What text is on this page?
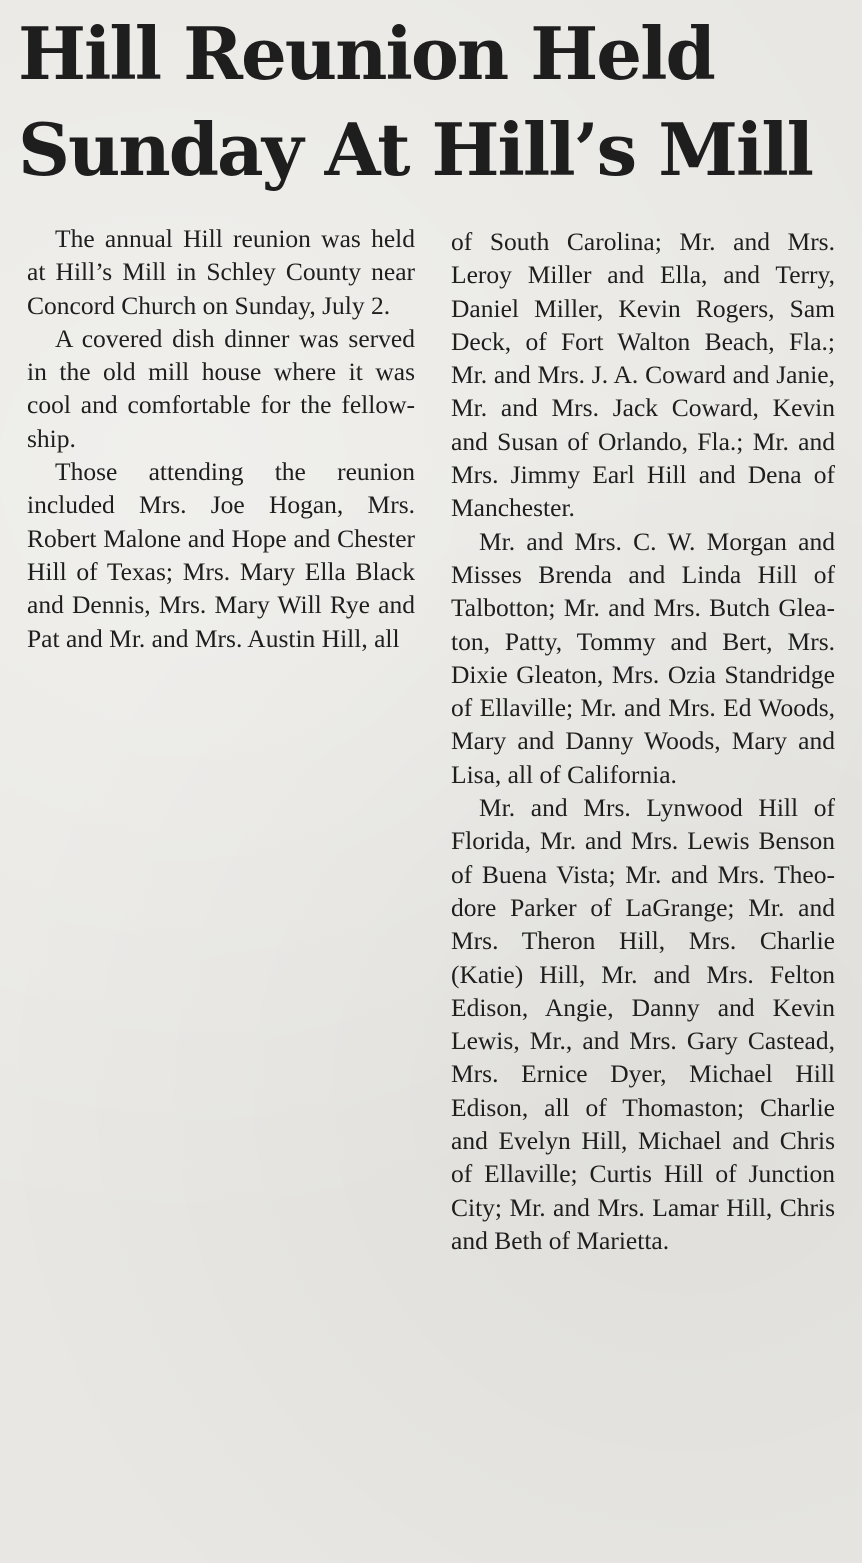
Hill Reunion Held
Sunday At Hill’s Mill

The annual Hill reunion was held at Hill’s Mill in Schley County near Concord Church on Sunday, July 2.

A covered dish dinner was served in the old mill house where it was cool and comfortable for the fellowship.

Those attending the reunion included Mrs. Joe Hogan, Mrs. Robert Malone and Hope and Chester Hill of Texas; Mrs. Mary Ella Black and Dennis, Mrs. Mary Will Rye and Pat and Mr. and Mrs. Austin Hill, all

of South Carolina; Mr. and Mrs. Leroy Miller and Ella, and Terry, Daniel Miller, Kevin Rogers, Sam Deck, of Fort Walton Beach, Fla.; Mr. and Mrs. J. A. Coward and Janie, Mr. and Mrs. Jack Coward, Kevin and Susan of Orlando, Fla.; Mr. and Mrs. Jimmy Earl Hill and Dena of Manchester.

Mr. and Mrs. C. W. Morgan and Misses Brenda and Linda Hill of Talbotton; Mr. and Mrs. Butch Gleaton, Patty, Tommy and Bert, Mrs. Dixie Gleaton, Mrs. Ozia Standridge of Ellaville; Mr. and Mrs. Ed Woods, Mary and Danny Woods, Mary and Lisa, all of California.

Mr. and Mrs. Lynwood Hill of Florida, Mr. and Mrs. Lewis Benson of Buena Vista; Mr. and Mrs. Theodore Parker of LaGrange; Mr. and Mrs. Theron Hill, Mrs. Charlie (Katie) Hill, Mr. and Mrs. Felton Edison, Angie, Danny and Kevin Lewis, Mr., and Mrs. Gary Castead, Mrs. Ernice Dyer, Michael Hill Edison, all of Thomaston; Charlie and Evelyn Hill, Michael and Chris of Ellaville; Curtis Hill of Junction City; Mr. and Mrs. Lamar Hill, Chris and Beth of Marietta.
